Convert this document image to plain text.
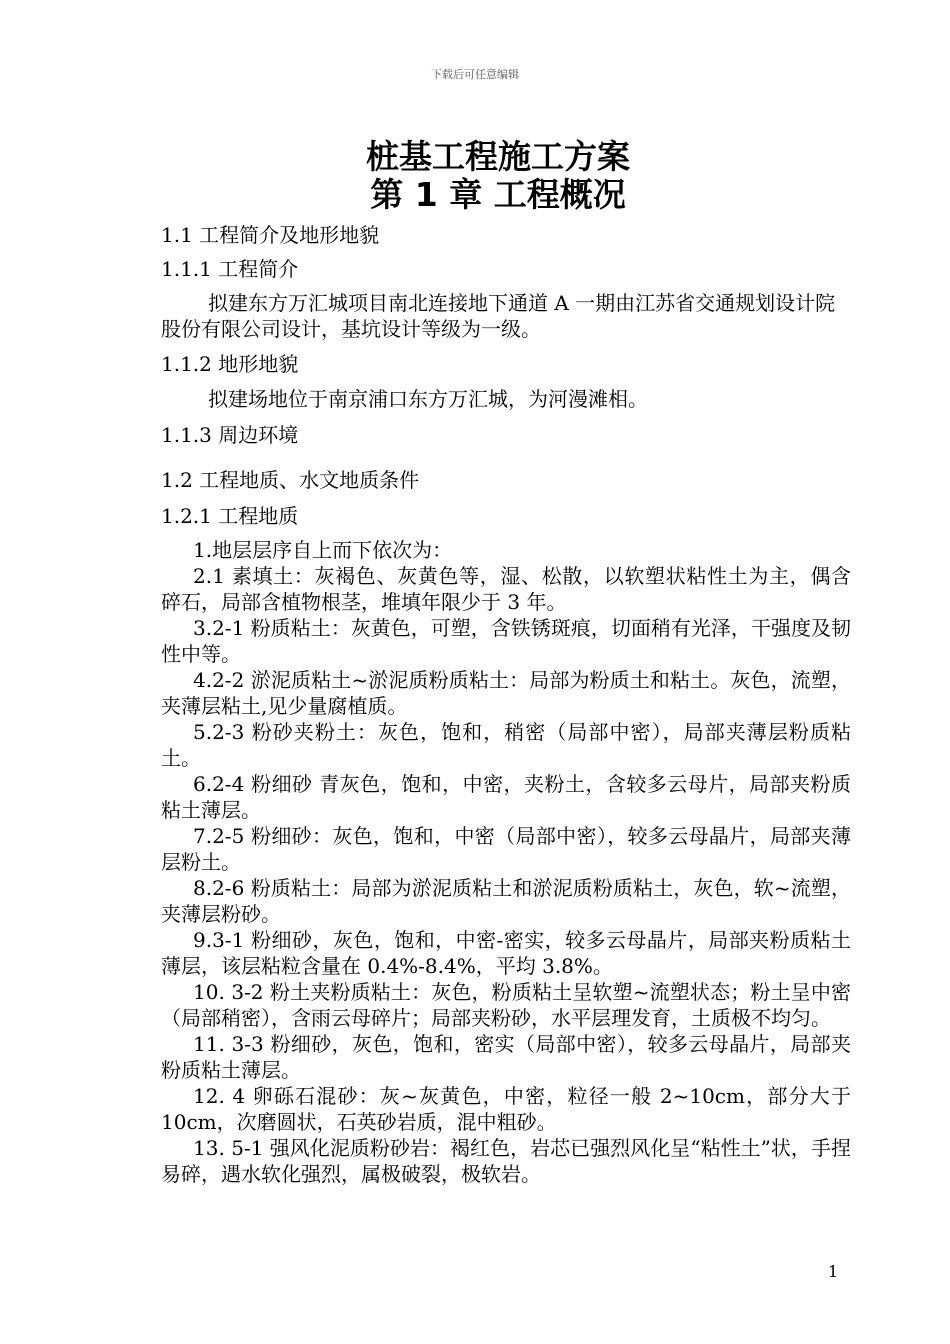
下载后可任意编辑
桩基工程施工方案
第 1 章 工程概况
1.1 工程简介及地形地貌
1.1.1 工程简介
拟建东方万汇城项目南北连接地下通道 A 一期由江苏省交通规划设计院股份有限公司设计，基坑设计等级为一级。
1.1.2 地形地貌
拟建场地位于南京浦口东方万汇城，为河漫滩相。
1.1.3 周边环境
1.2 工程地质、水文地质条件
1.2.1 工程地质
1.地层层序自上而下依次为：
2.1 素填土：灰褐色、灰黄色等，湿、松散，以软塑状粘性土为主，偶含碎石，局部含植物根茎，堆填年限少于 3 年。
3.2-1 粉质粘土：灰黄色，可塑，含铁锈斑痕，切面稍有光泽，干强度及韧性中等。
4.2-2 淤泥质粘土~淤泥质粉质粘土：局部为粉质土和粘土。灰色，流塑，夹薄层粘土,见少量腐植质。
5.2-3 粉砂夹粉土：灰色，饱和，稍密（局部中密），局部夹薄层粉质粘土。
6.2-4 粉细砂 青灰色，饱和，中密，夹粉土，含较多云母片，局部夹粉质粘土薄层。
7.2-5 粉细砂：灰色，饱和，中密（局部中密），较多云母晶片，局部夹薄层粉土。
8.2-6 粉质粘土：局部为淤泥质粘土和淤泥质粉质粘土，灰色，软~流塑，夹薄层粉砂。
9.3-1 粉细砂，灰色，饱和，中密-密实，较多云母晶片，局部夹粉质粘土薄层，该层粘粒含量在 0.4%-8.4%，平均 3.8%。
10. 3-2 粉土夹粉质粘土：灰色，粉质粘土呈软塑~流塑状态；粉土呈中密（局部稍密），含雨云母碎片；局部夹粉砂，水平层理发育，土质极不均匀。
11. 3-3 粉细砂，灰色，饱和，密实（局部中密），较多云母晶片，局部夹粉质粘土薄层。
12. 4 卵砾石混砂：灰~灰黄色，中密，粒径一般 2~10cm，部分大于 10cm，次磨圆状，石英砂岩质，混中粗砂。
13. 5-1 强风化泥质粉砂岩：褐红色，岩芯已强烈风化呈“粘性土”状，手捏易碎，遇水软化强烈，属极破裂，极软岩。
1
